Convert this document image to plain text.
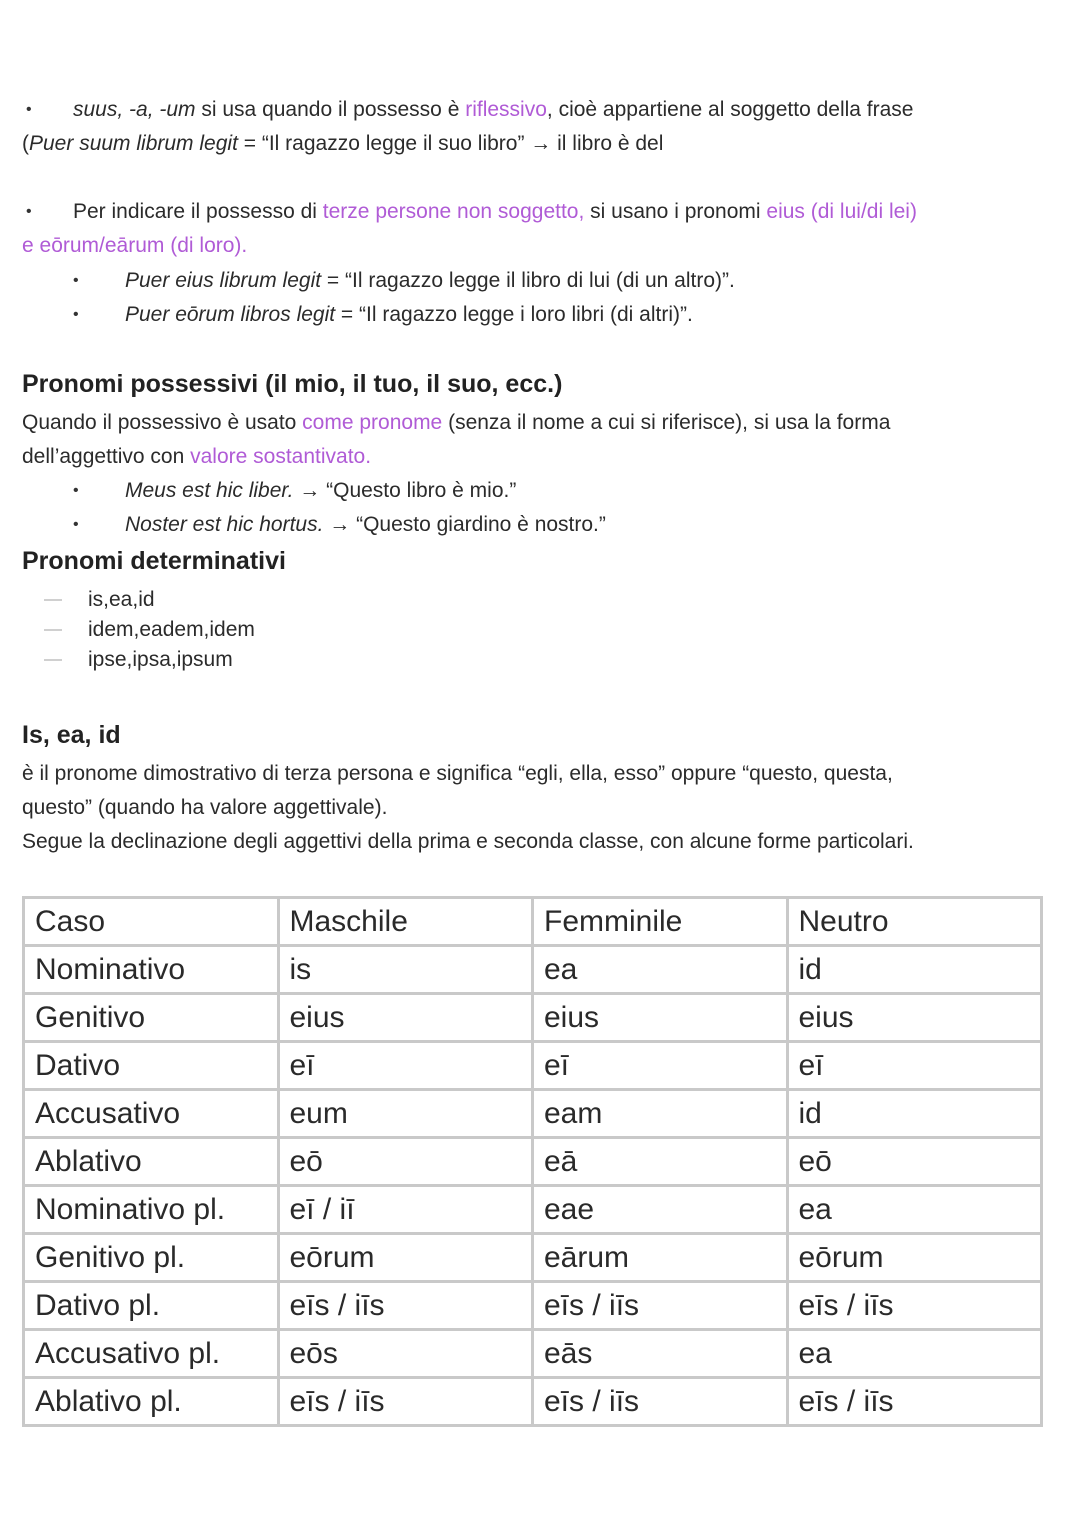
• suus, -a, -um si usa quando il possesso è riflessivo, cioè appartiene al soggetto della frase
(Puer suum librum legit = “Il ragazzo legge il suo libro” → il libro è del
• Per indicare il possesso di terze persone non soggetto, si usano i pronomi eius (di lui/di lei)
e eōrum/eārum (di loro).
• Puer eius librum legit = “Il ragazzo legge il libro di lui (di un altro)”.
• Puer eōrum libros legit = “Il ragazzo legge i loro libri (di altri)”.
Pronomi possessivi (il mio, il tuo, il suo, ecc.)
Quando il possessivo è usato come pronome (senza il nome a cui si riferisce), si usa la forma
dell’aggettivo con valore sostantivato.
• Meus est hic liber. → “Questo libro è mio.”
• Noster est hic hortus. → “Questo giardino è nostro.”
Pronomi determinativi
is,ea,id
idem,eadem,idem
ipse,ipsa,ipsum
Is, ea, id
è il pronome dimostrativo di terza persona e significa “egli, ella, esso” oppure “questo, questa,
questo” (quando ha valore aggettivale).
Segue la declinazione degli aggettivi della prima e seconda classe, con alcune forme particolari.
Caso	Maschile	Femminile	Neutro
Nominativo	is	ea	id
Genitivo	eius	eius	eius
Dativo	eī	eī	eī
Accusativo	eum	eam	id
Ablativo	eō	eā	eō
Nominativo pl.	eī / iī	eae	ea
Genitivo pl.	eōrum	eārum	eōrum
Dativo pl.	eīs / iīs	eīs / iīs	eīs / iīs
Accusativo pl.	eōs	eās	ea
Ablativo pl.	eīs / iīs	eīs / iīs	eīs / iīs
